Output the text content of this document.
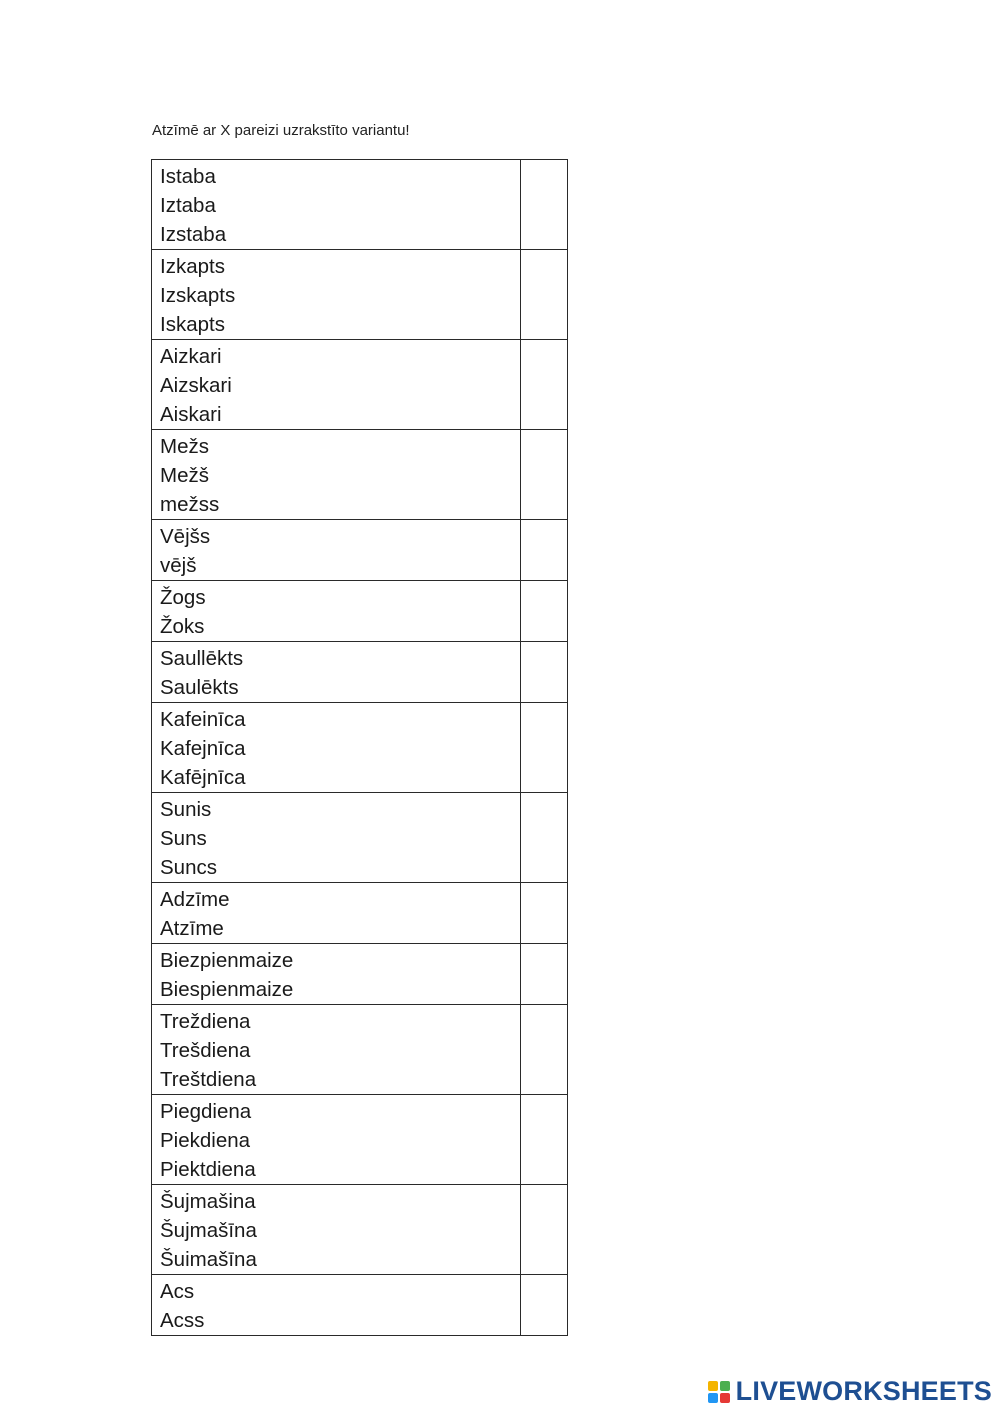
Atzīmē ar X pareizi uzrakstīto variantu!
Istaba
Iztaba
Izstaba	

Izkapts
Izskapts
Iskapts	

Aizkari
Aizskari
Aiskari	

Mežs
Mežš
mežss	

Vējšs
vējš	

Žogs
Žoks	

Saullēkts
Saulēkts	

Kafeinīca
Kafejnīca
Kafējnīca	

Sunis
Suns
Suncs	

Adzīme
Atzīme	

Biezpienmaize
Biespienmaize	

Treždiena
Trešdiena
Treštdiena	

Piegdiena
Piekdiena
Piektdiena	

Šujmašina
Šujmašīna
Šuimašīna	

Acs
Acss	

LIVEWORKSHEETS
